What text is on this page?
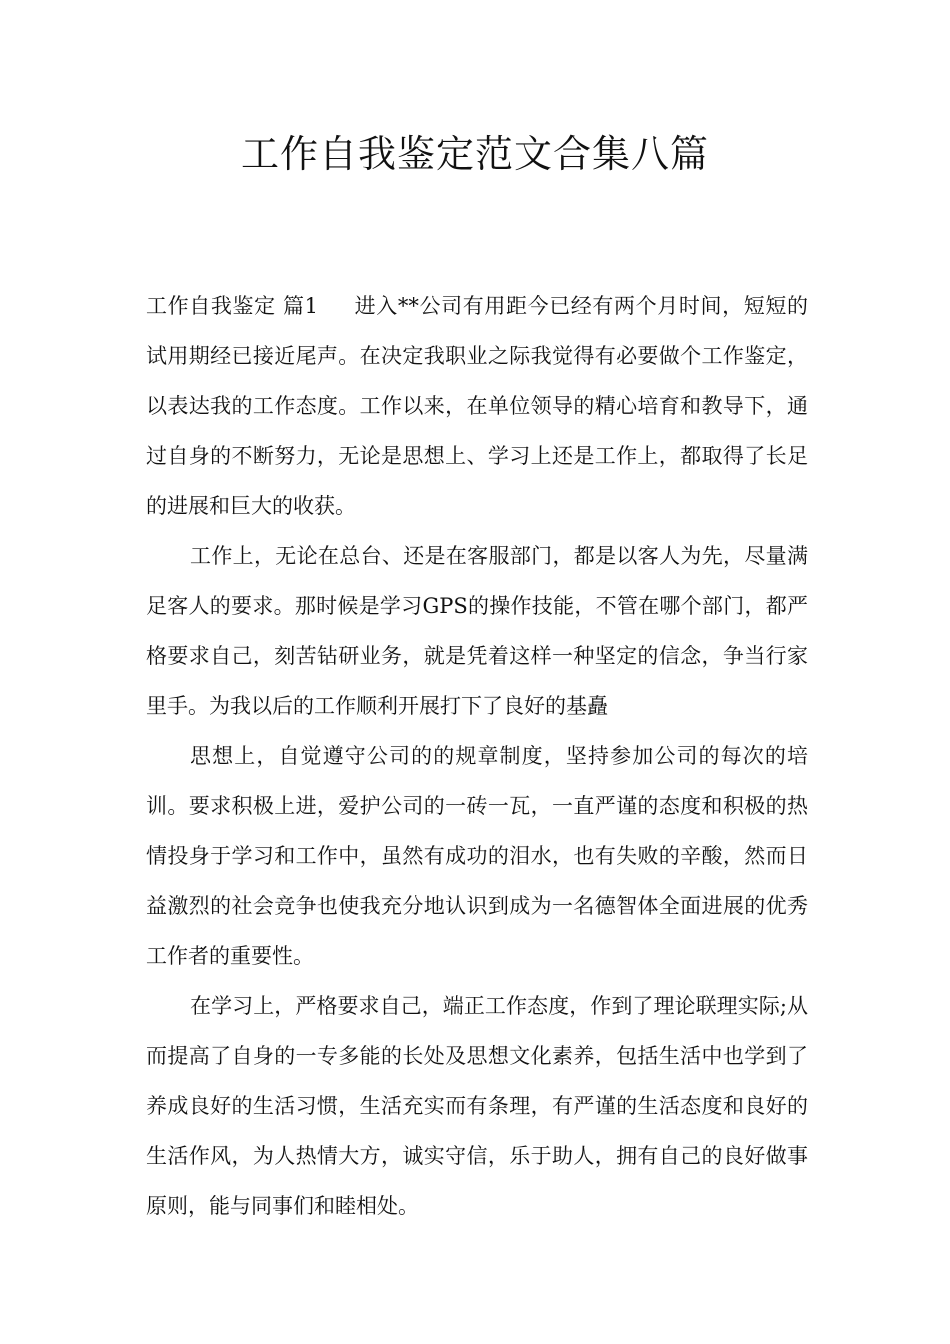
工作自我鉴定范文合集八篇

工作自我鉴定 篇1 进入**公司有用距今已经有两个月时间，短短的试用期经已接近尾声。在决定我职业之际我觉得有必要做个工作鉴定，以表达我的工作态度。工作以来，在单位领导的精心培育和教导下，通过自身的不断努力，无论是思想上、学习上还是工作上，都取得了长足的进展和巨大的收获。

工作上，无论在总台、还是在客服部门，都是以客人为先，尽量满足客人的要求。那时候是学习GPS的操作技能，不管在哪个部门，都严格要求自己，刻苦钻研业务，就是凭着这样一种坚定的信念，争当行家里手。为我以后的工作顺利开展打下了良好的基矗

思想上，自觉遵守公司的的规章制度，坚持参加公司的每次的培训。要求积极上进，爱护公司的一砖一瓦，一直严谨的态度和积极的热情投身于学习和工作中，虽然有成功的泪水，也有失败的辛酸，然而日益激烈的社会竞争也使我充分地认识到成为一名德智体全面进展的优秀工作者的重要性。

在学习上，严格要求自己，端正工作态度，作到了理论联理实际;从而提高了自身的一专多能的长处及思想文化素养，包括生活中也学到了养成良好的生活习惯，生活充实而有条理，有严谨的生活态度和良好的生活作风，为人热情大方，诚实守信，乐于助人，拥有自己的良好做事原则，能与同事们和睦相处。
